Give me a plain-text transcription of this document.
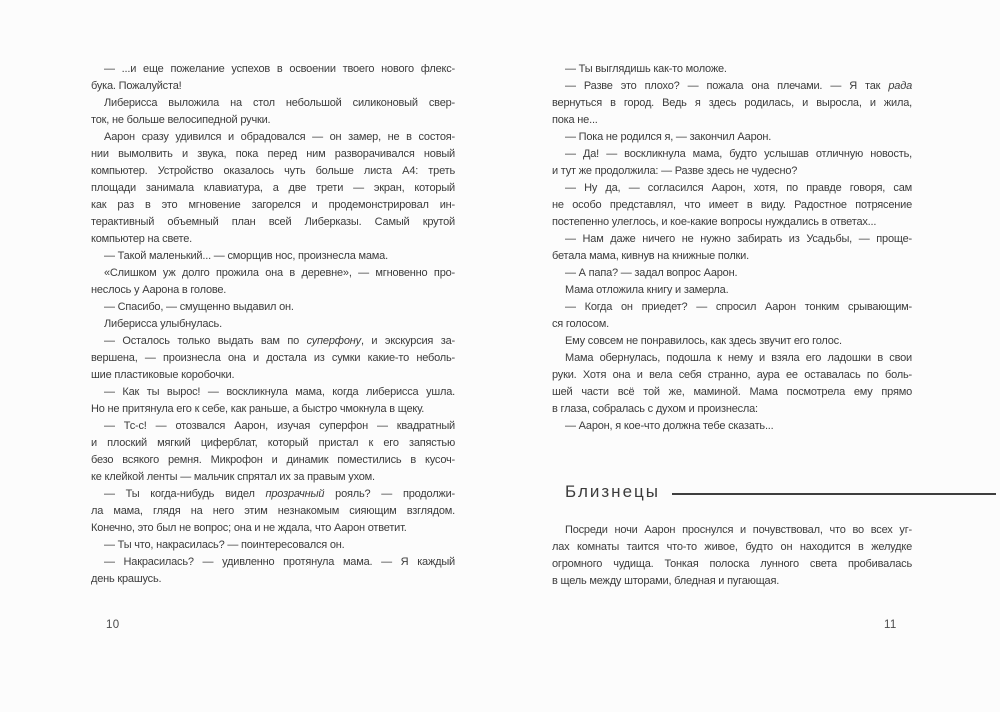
— ...и еще пожелание успехов в освоении твоего нового флекс-
бука. Пожалуйста!
Либерисса выложила на стол небольшой силиконовый свер-
ток, не больше велосипедной ручки.
Аарон сразу удивился и обрадовался — он замер, не в состоя-
нии вымолвить и звука, пока перед ним разворачивался новый
компьютер. Устройство оказалось чуть больше листа А4: треть
площади занимала клавиатура, а две трети — экран, который
как раз в это мгновение загорелся и продемонстрировал ин-
терактивный объемный план всей Либерказы. Самый крутой
компьютер на свете.
— Такой маленький... — сморщив нос, произнесла мама.
«Слишком уж долго прожила она в деревне», — мгновенно про-
неслось у Аарона в голове.
— Спасибо, — смущенно выдавил он.
Либерисса улыбнулась.
— Осталось только выдать вам по суперфону, и экскурсия за-
вершена, — произнесла она и достала из сумки какие-то неболь-
шие пластиковые коробочки.
— Как ты вырос! — воскликнула мама, когда либерисса ушла.
Но не притянула его к себе, как раньше, а быстро чмокнула в щеку.
— Тс-с! — отозвался Аарон, изучая суперфон — квадратный
и плоский мягкий циферблат, который пристал к его запястью
безо всякого ремня. Микрофон и динамик поместились в кусоч-
ке клейкой ленты — мальчик спрятал их за правым ухом.
— Ты когда-нибудь видел прозрачный рояль? — продолжи-
ла мама, глядя на него этим незнакомым сияющим взглядом.
Конечно, это был не вопрос; она и не ждала, что Аарон ответит.
— Ты что, накрасилась? — поинтересовался он.
— Накрасилась? — удивленно протянула мама. — Я каждый
день крашусь.
— Ты выглядишь как-то моложе.
— Разве это плохо? — пожала она плечами. — Я так рада
вернуться в город. Ведь я здесь родилась, и выросла, и жила,
пока не...
— Пока не родился я, — закончил Аарон.
— Да! — воскликнула мама, будто услышав отличную новость,
и тут же продолжила: — Разве здесь не чудесно?
— Ну да, — согласился Аарон, хотя, по правде говоря, сам
не особо представлял, что имеет в виду. Радостное потрясение
постепенно улеглось, и кое-какие вопросы нуждались в ответах...
— Нам даже ничего не нужно забирать из Усадьбы, — проще-
бетала мама, кивнув на книжные полки.
— А папа? — задал вопрос Аарон.
Мама отложила книгу и замерла.
— Когда он приедет? — спросил Аарон тонким срывающим-
ся голосом.
Ему совсем не понравилось, как здесь звучит его голос.
Мама обернулась, подошла к нему и взяла его ладошки в свои
руки. Хотя она и вела себя странно, аура ее оставалась по боль-
шей части всё той же, маминой. Мама посмотрела ему прямо
в глаза, собралась с духом и произнесла:
— Аарон, я кое-что должна тебе сказать...
Близнецы
Посреди ночи Аарон проснулся и почувствовал, что во всех уг-
лах комнаты таится что-то живое, будто он находится в желудке
огромного чудища. Тонкая полоска лунного света пробивалась
в щель между шторами, бледная и пугающая.
10	11
